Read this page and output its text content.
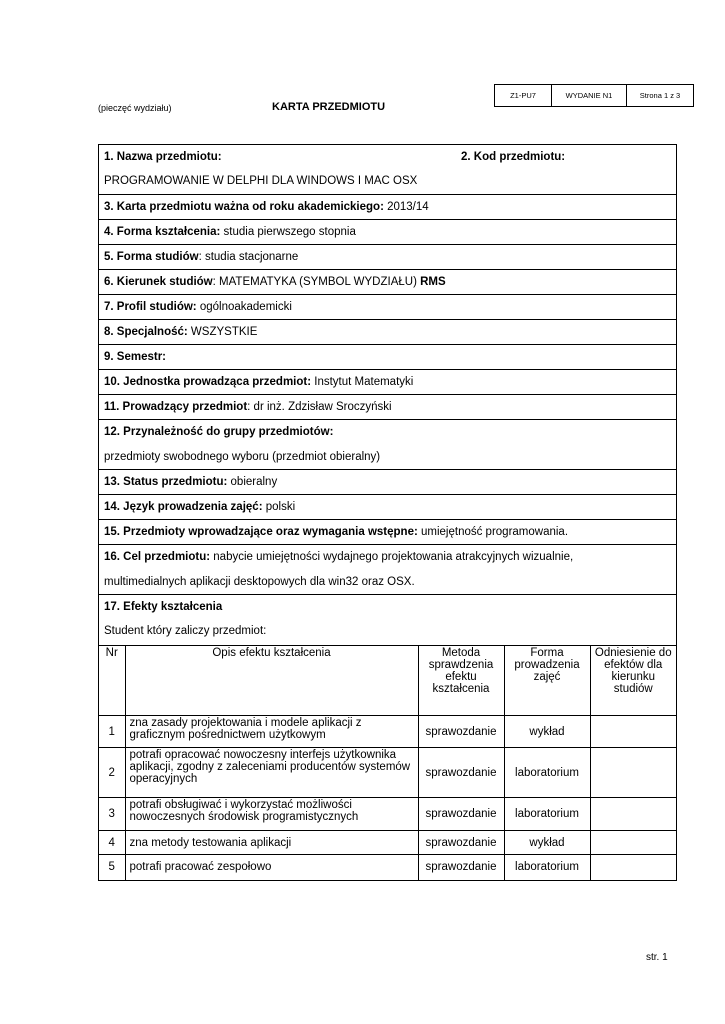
(pieczęć wydziału)	KARTA PRZEDMIOTU
Z1-PU7	WYDANIE N1	Strona 1 z 3
1. Nazwa przedmiotu:	2. Kod przedmiotu:
PROGRAMOWANIE W DELPHI DLA WINDOWS I MAC OSX
3. Karta przedmiotu ważna od roku akademickiego: 2013/14
4. Forma kształcenia: studia pierwszego stopnia
5. Forma studiów: studia stacjonarne
6. Kierunek studiów: MATEMATYKA (SYMBOL WYDZIAŁU) RMS
7. Profil studiów: ogólnoakademicki
8. Specjalność: WSZYSTKIE
9. Semestr:
10. Jednostka prowadząca przedmiot: Instytut Matematyki
11. Prowadzący przedmiot: dr inż. Zdzisław Sroczyński
12. Przynależność do grupy przedmiotów:
przedmioty swobodnego wyboru (przedmiot obieralny)
13. Status przedmiotu: obieralny
14. Język prowadzenia zajęć: polski
15. Przedmioty wprowadzające oraz wymagania wstępne: umiejętność programowania.
16. Cel przedmiotu: nabycie umiejętności wydajnego projektowania atrakcyjnych wizualnie,
multimedialnych aplikacji desktopowych dla win32 oraz OSX.
17. Efekty kształcenia
Student który zaliczy przedmiot:
Nr	Opis efektu kształcenia	Metoda sprawdzenia efektu kształcenia	Forma prowadzenia zajęć	Odniesienie do efektów dla kierunku studiów
1	zna zasady projektowania i modele aplikacji z graficznym pośrednictwem użytkowym	sprawozdanie	wykład	
2	potrafi opracować nowoczesny interfejs użytkownika aplikacji, zgodny z zaleceniami producentów systemów operacyjnych	sprawozdanie	laboratorium	
3	potrafi obsługiwać i wykorzystać możliwości nowoczesnych środowisk programistycznych	sprawozdanie	laboratorium	
4	zna metody testowania aplikacji	sprawozdanie	wykład	
5	potrafi pracować zespołowo	sprawozdanie	laboratorium	
str. 1
